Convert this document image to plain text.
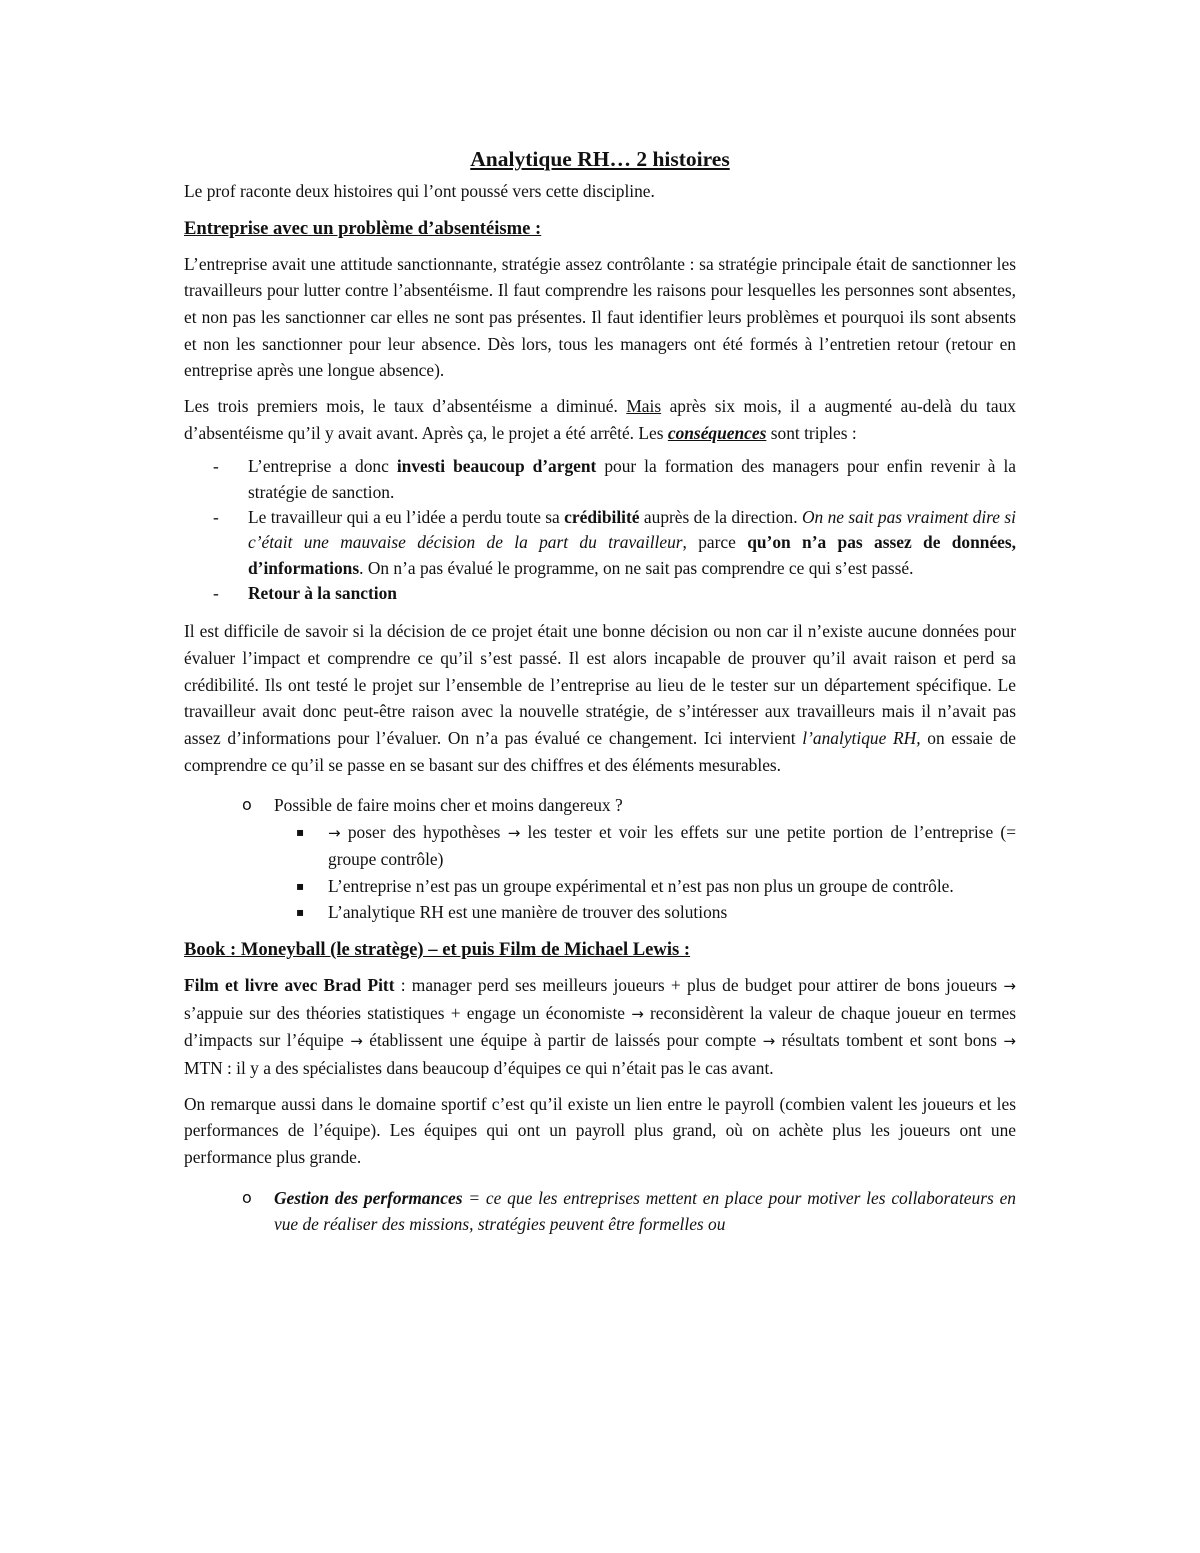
Analytique RH… 2 histoires

Le prof raconte deux histoires qui l’ont poussé vers cette discipline.

Entreprise avec un problème d’absentéisme :

L’entreprise avait une attitude sanctionnante, stratégie assez contrôlante : sa stratégie principale était de sanctionner les travailleurs pour lutter contre l’absentéisme. Il faut comprendre les raisons pour lesquelles les personnes sont absentes, et non pas les sanctionner car elles ne sont pas présentes. Il faut identifier leurs problèmes et pourquoi ils sont absents et non les sanctionner pour leur absence. Dès lors, tous les managers ont été formés à l’entretien retour (retour en entreprise après une longue absence).

Les trois premiers mois, le taux d’absentéisme a diminué. Mais après six mois, il a augmenté au-delà du taux d’absentéisme qu’il y avait avant. Après ça, le projet a été arrêté. Les conséquences sont triples :

- L’entreprise a donc investi beaucoup d’argent pour la formation des managers pour enfin revenir à la stratégie de sanction.
- Le travailleur qui a eu l’idée a perdu toute sa crédibilité auprès de la direction. On ne sait pas vraiment dire si c’était une mauvaise décision de la part du travailleur, parce qu’on n’a pas assez de données, d’informations. On n’a pas évalué le programme, on ne sait pas comprendre ce qui s’est passé.
- Retour à la sanction

Il est difficile de savoir si la décision de ce projet était une bonne décision ou non car il n’existe aucune données pour évaluer l’impact et comprendre ce qu’il s’est passé. Il est alors incapable de prouver qu’il avait raison et perd sa crédibilité. Ils ont testé le projet sur l’ensemble de l’entreprise au lieu de le tester sur un département spécifique. Le travailleur avait donc peut-être raison avec la nouvelle stratégie, de s’intéresser aux travailleurs mais il n’avait pas assez d’informations pour l’évaluer. On n’a pas évalué ce changement. Ici intervient l’analytique RH, on essaie de comprendre ce qu’il se passe en se basant sur des chiffres et des éléments mesurables.

o Possible de faire moins cher et moins dangereux ?
▪ → poser des hypothèses → les tester et voir les effets sur une petite portion de l’entreprise (= groupe contrôle)
▪ L’entreprise n’est pas un groupe expérimental et n’est pas non plus un groupe de contrôle.
▪ L’analytique RH est une manière de trouver des solutions

Book : Moneyball (le stratège) – et puis Film de Michael Lewis :

Film et livre avec Brad Pitt : manager perd ses meilleurs joueurs + plus de budget pour attirer de bons joueurs → s’appuie sur des théories statistiques + engage un économiste → reconsidèrent la valeur de chaque joueur en termes d’impacts sur l’équipe → établissent une équipe à partir de laissés pour compte → résultats tombent et sont bons → MTN : il y a des spécialistes dans beaucoup d’équipes ce qui n’était pas le cas avant.

On remarque aussi dans le domaine sportif c’est qu’il existe un lien entre le payroll (combien valent les joueurs et les performances de l’équipe). Les équipes qui ont un payroll plus grand, où on achète plus les joueurs ont une performance plus grande.

o Gestion des performances = ce que les entreprises mettent en place pour motiver les collaborateurs en vue de réaliser des missions, stratégies peuvent être formelles ou
